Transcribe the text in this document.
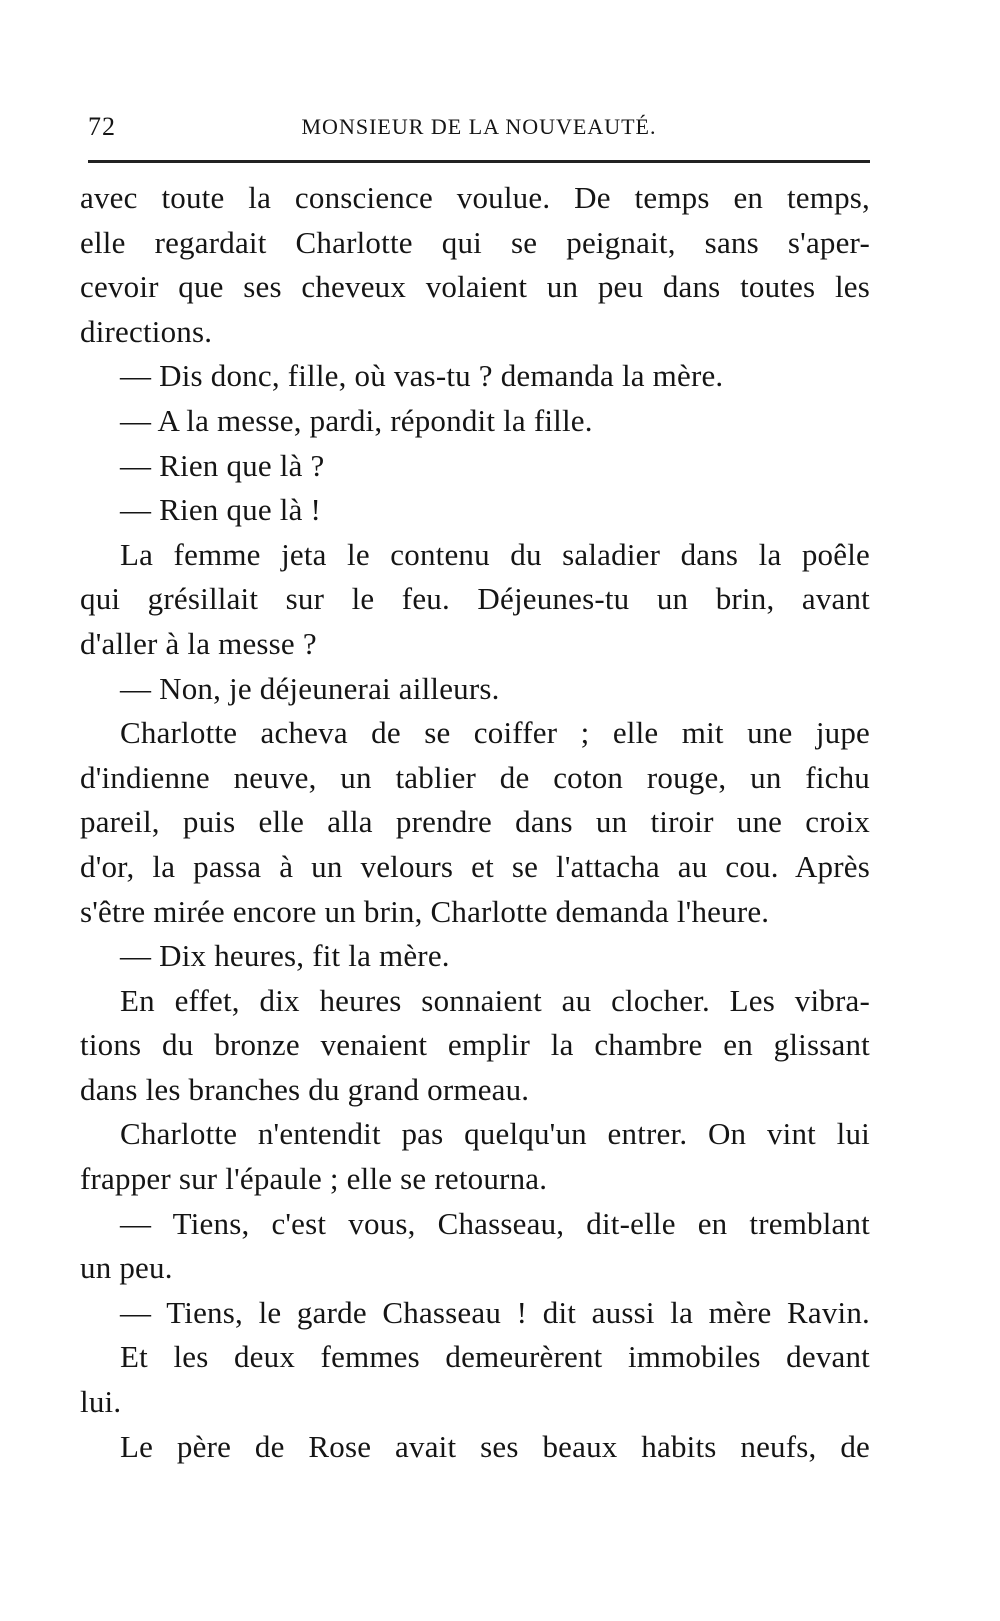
72	MONSIEUR DE LA NOUVEAUTÉ.
avec toute la conscience voulue. De temps en temps,
elle regardait Charlotte qui se peignait, sans s'aper-
cevoir que ses cheveux volaient un peu dans toutes les
directions.
— Dis donc, fille, où vas-tu ? demanda la mère.
— A la messe, pardi, répondit la fille.
— Rien que là ?
— Rien que là !
La femme jeta le contenu du saladier dans la poêle
qui grésillait sur le feu. Déjeunes-tu un brin, avant
d'aller à la messe ?
— Non, je déjeunerai ailleurs.
Charlotte acheva de se coiffer ; elle mit une jupe
d'indienne neuve, un tablier de coton rouge, un fichu
pareil, puis elle alla prendre dans un tiroir une croix
d'or, la passa à un velours et se l'attacha au cou. Après
s'être mirée encore un brin, Charlotte demanda l'heure.
— Dix heures, fit la mère.
En effet, dix heures sonnaient au clocher. Les vibra-
tions du bronze venaient emplir la chambre en glissant
dans les branches du grand ormeau.
Charlotte n'entendit pas quelqu'un entrer. On vint lui
frapper sur l'épaule ; elle se retourna.
— Tiens, c'est vous, Chasseau, dit-elle en tremblant
un peu.
— Tiens, le garde Chasseau ! dit aussi la mère Ravin.
Et les deux femmes demeurèrent immobiles devant
lui.
Le père de Rose avait ses beaux habits neufs, de
